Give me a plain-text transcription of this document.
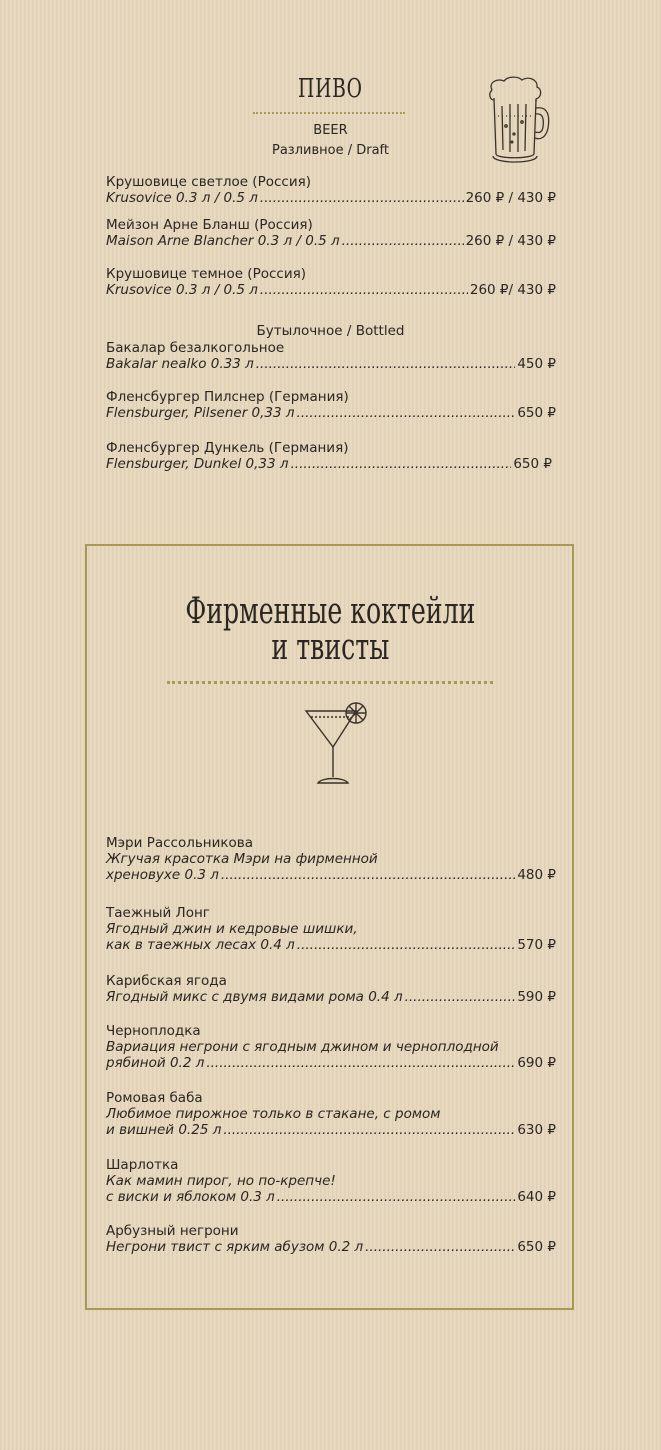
ПИВО
BEER
Разливное / Draft
Крушовице светлое (Россия)
Krusovice 0.3 л / 0.5 л .....	260 ₽ / 430 ₽
Мейзон Арне Бланш (Россия)
Maison Arne Blancher 0.3 л / 0.5 л .....	260 ₽ / 430 ₽
Крушовице темное (Россия)
Krusovice 0.3 л / 0.5 л .....	260 ₽/ 430 ₽
Бутылочное / Bottled
Бакалар безалкогольное
Bakalar nealko 0.33 л .....	450 ₽
Фленсбургер Пилснер (Германия)
Flensburger, Pilsener 0,33 л .....	650 ₽
Фленсбургер Дункель (Германия)
Flensburger, Dunkel 0,33 л .....	650 ₽
Фирменные коктейли
и твисты
Мэри Рассольникова
Жгучая красотка Мэри на фирменной
хреновухе 0.3 л .....	480 ₽
Таежный Лонг
Ягодный джин и кедровые шишки,
как в таежных лесах 0.4 л .....	570 ₽
Карибская ягода
Ягодный микс с двумя видами рома 0.4 л .....	590 ₽
Черноплодка
Вариация негрони с ягодным джином и черноплодной
рябиной 0.2 л .....	690 ₽
Ромовая баба
Любимое пирожное только в стакане, с ромом
и вишней 0.25 л .....	630 ₽
Шарлотка
Как мамин пирог, но по-крепче!
с виски и яблоком 0.3 л .....	640 ₽
Арбузный негрони
Негрони твист с ярким абузом 0.2 л .....	650 ₽
